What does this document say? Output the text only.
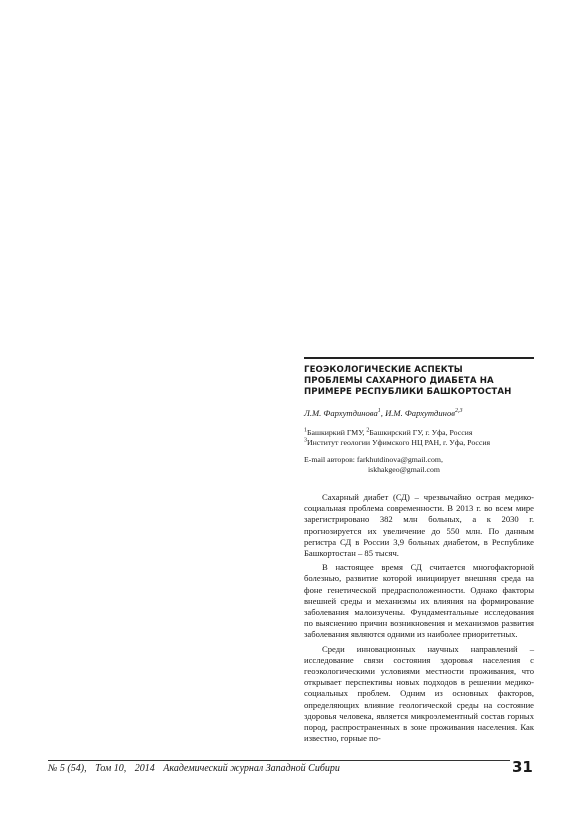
ГЕОЭКОЛОГИЧЕСКИЕ АСПЕКТЫ
ПРОБЛЕМЫ САХАРНОГО ДИАБЕТА НА
ПРИМЕРЕ РЕСПУБЛИКИ БАШКОРТОСТАН
Л.М. Фархутдинова$^1$, И.М. Фархутдинов$^{2,3}$
$^1$Башкиркий ГМУ, $^2$Башкирский ГУ, г. Уфа, Россия
$^3$Институт геологии Уфимского НЦ РАН, г. Уфа, Россия
E-mail авторов: farkhutdinova@gmail.com,
iskhakgeo@gmail.com

Сахарный диабет (СД) – чрезвычайно острая медико-социальная проблема современности. В 2013 г. во всем мире зарегистрировано 382 млн больных, а к 2030 г. прогнозируется их увеличение до 550 млн. По данным регистра СД в России 3,9 больных диабетом, в Республике Башкортостан – 85 тысяч.

В настоящее время СД считается многофакторной болезнью, развитие которой инициирует внешняя среда на фоне генетической предрасположенности. Однако факторы внешней среды и механизмы их влияния на формирование заболевания малоизучены. Фундаментальные исследования по выяснению причин возникновения и механизмов развития заболевания являются одними из наиболее приоритетных.

Среди инновационных научных направлений – исследование связи состояния здоровья населения с геоэкологическими условиями местности проживания, что открывает перспективы новых подходов в решении медико-социальных проблем. Одним из основных факторов, определяющих влияние геологической среды на состояние здоровья человека, является микроэлементный состав горных пород, распространенных в зоне проживания населения. Как известно, горные по-

№ 5 (54), Том 10, 2014 Академический журнал Западной Сибири	31
